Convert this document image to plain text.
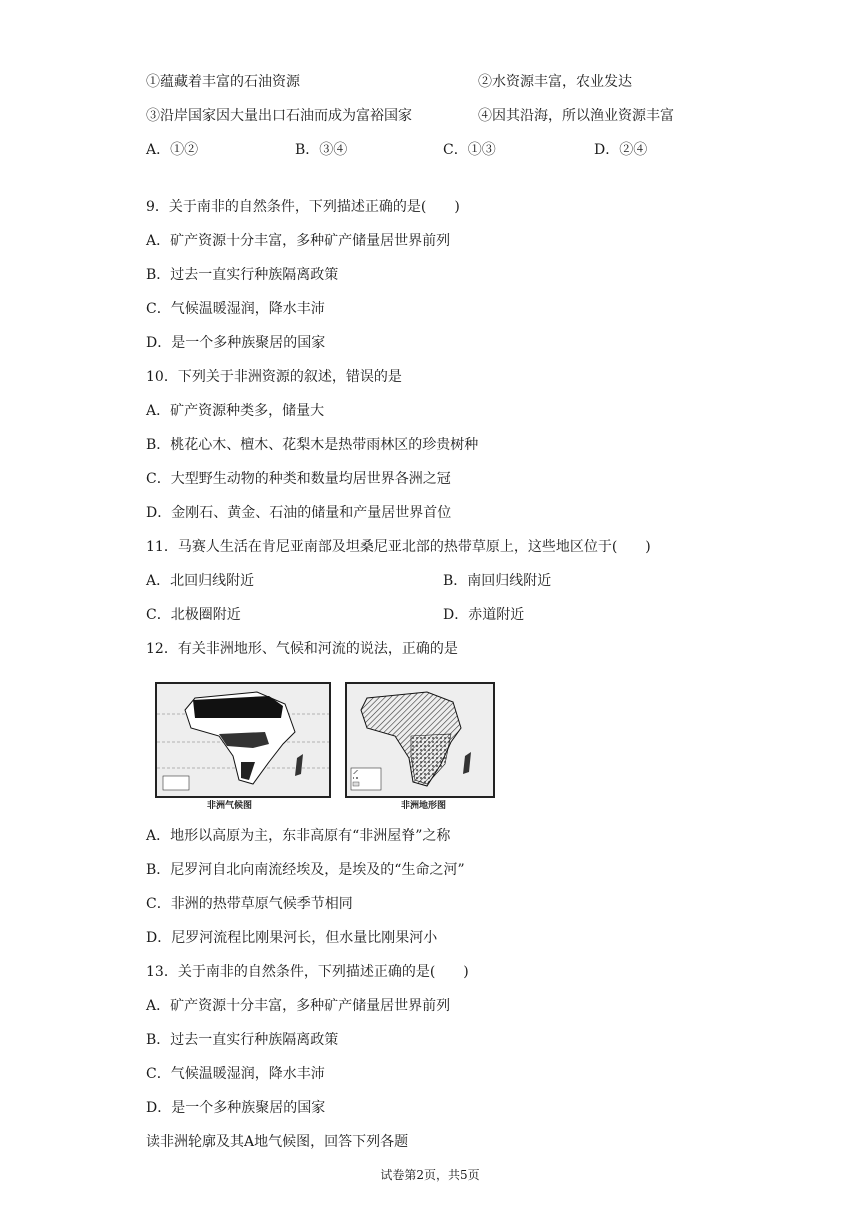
①蕴藏着丰富的石油资源	②水资源丰富，农业发达
③沿岸国家因大量出口石油而成为富裕国家	④因其沿海，所以渔业资源丰富
A．①②	B．③④	C．①③	D．②④
9．关于南非的自然条件，下列描述正确的是(　　)
A．矿产资源十分丰富，多种矿产储量居世界前列
B．过去一直实行种族隔离政策
C．气候温暖湿润，降水丰沛
D．是一个多种族聚居的国家
10．下列关于非洲资源的叙述，错误的是
A．矿产资源种类多，储量大
B．桃花心木、檀木、花梨木是热带雨林区的珍贵树种
C．大型野生动物的种类和数量均居世界各洲之冠
D．金刚石、黄金、石油的储量和产量居世界首位
11．马赛人生活在肯尼亚南部及坦桑尼亚北部的热带草原上，这些地区位于(　　)
A．北回归线附近	B．南回归线附近
C．北极圈附近	D．赤道附近
12．有关非洲地形、气候和河流的说法，正确的是
非洲气候图	非洲地形图
A．地形以高原为主，东非高原有“非洲屋脊”之称
B．尼罗河自北向南流经埃及，是埃及的“生命之河”
C．非洲的热带草原气候季节相同
D．尼罗河流程比刚果河长，但水量比刚果河小
13．关于南非的自然条件，下列描述正确的是(　　)
A．矿产资源十分丰富，多种矿产储量居世界前列
B．过去一直实行种族隔离政策
C．气候温暖湿润，降水丰沛
D．是一个多种族聚居的国家
读非洲轮廓及其A地气候图，回答下列各题
试卷第2页，共5页
